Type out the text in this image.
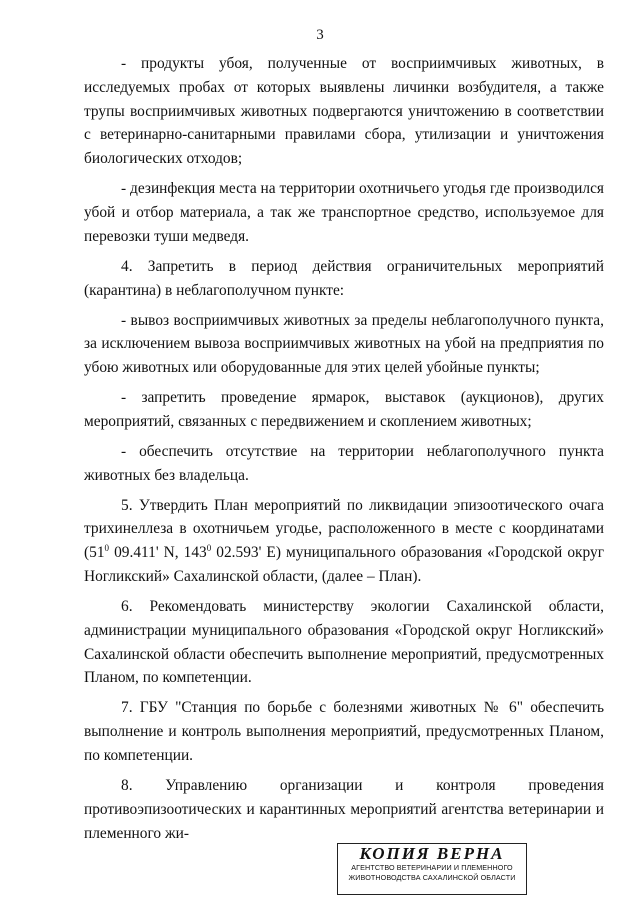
3

- продукты убоя, полученные от восприимчивых животных, в исследуемых пробах от которых выявлены личинки возбудителя, а также трупы восприимчивых животных подвергаются уничтожению в соответствии с ветеринарно-санитарными правилами сбора, утилизации и уничтожения биологических отходов;

- дезинфекция места на территории охотничьего угодья где производился убой и отбор материала, а так же транспортное средство, используемое для перевозки туши медведя.

4. Запретить в период действия ограничительных мероприятий (карантина) в неблагополучном пункте:

- вывоз восприимчивых животных за пределы неблагополучного пункта, за исключением вывоза восприимчивых животных на убой на предприятия по убою животных или оборудованные для этих целей убойные пункты;

- запретить проведение ярмарок, выставок (аукционов), других мероприятий, связанных с передвижением и скоплением животных;

- обеспечить отсутствие на территории неблагополучного пункта животных без владельца.

5. Утвердить План мероприятий по ликвидации эпизоотического очага трихинеллеза в охотничьем угодье, расположенного в месте с координатами ($51^0$ 09.411' N, $143^0$ 02.593' E) муниципального образования «Городской округ Ногликский» Сахалинской области, (далее – План).

6. Рекомендовать министерству экологии Сахалинской области, администрации муниципального образования «Городской округ Ногликский» Сахалинской области обеспечить выполнение мероприятий, предусмотренных Планом, по компетенции.

7. ГБУ "Станция по борьбе с болезнями животных № 6" обеспечить выполнение и контроль выполнения мероприятий, предусмотренных Планом, по компетенции.

8. Управлению организации и контроля проведения противоэпизоотических и карантинных мероприятий агентства ветеринарии и племенного жи-

КОПИЯ ВЕРНА
АГЕНТСТВО ВЕТЕРИНАРИИ И ПЛЕМЕННОГО
ЖИВОТНОВОДСТВА САХАЛИНСКОЙ ОБЛАСТИ
